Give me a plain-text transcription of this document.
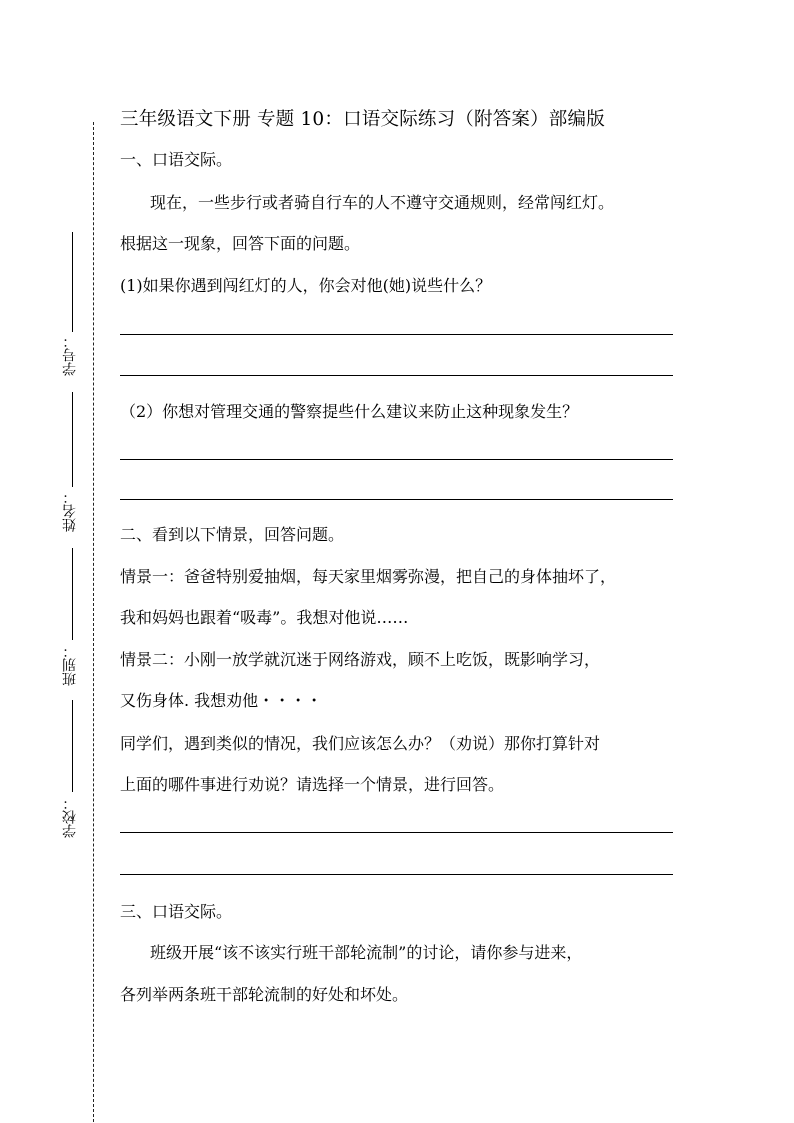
学号：
姓名：
班别：
学校：
三年级语文下册 专题 10：口语交际练习（附答案）部编版
一、口语交际。
现在，一些步行或者骑自行车的人不遵守交通规则，经常闯红灯。
根据这一现象，回答下面的问题。
(1)如果你遇到闯红灯的人，你会对他(她)说些什么？
（2）你想对管理交通的警察提些什么建议来防止这种现象发生？
二、看到以下情景，回答问题。
情景一：爸爸特别爱抽烟，每天家里烟雾弥漫，把自己的身体抽坏了，
我和妈妈也跟着“吸毒”。我想对他说……
情景二：小刚一放学就沉迷于网络游戏，顾不上吃饭，既影响学习，
又伤身体. 我想劝他・・・・
同学们，遇到类似的情况，我们应该怎么办？（劝说）那你打算针对
上面的哪件事进行劝说？请选择一个情景，进行回答。
三、口语交际。
班级开展“该不该实行班干部轮流制”的讨论，请你参与进来，
各列举两条班干部轮流制的好处和坏处。
